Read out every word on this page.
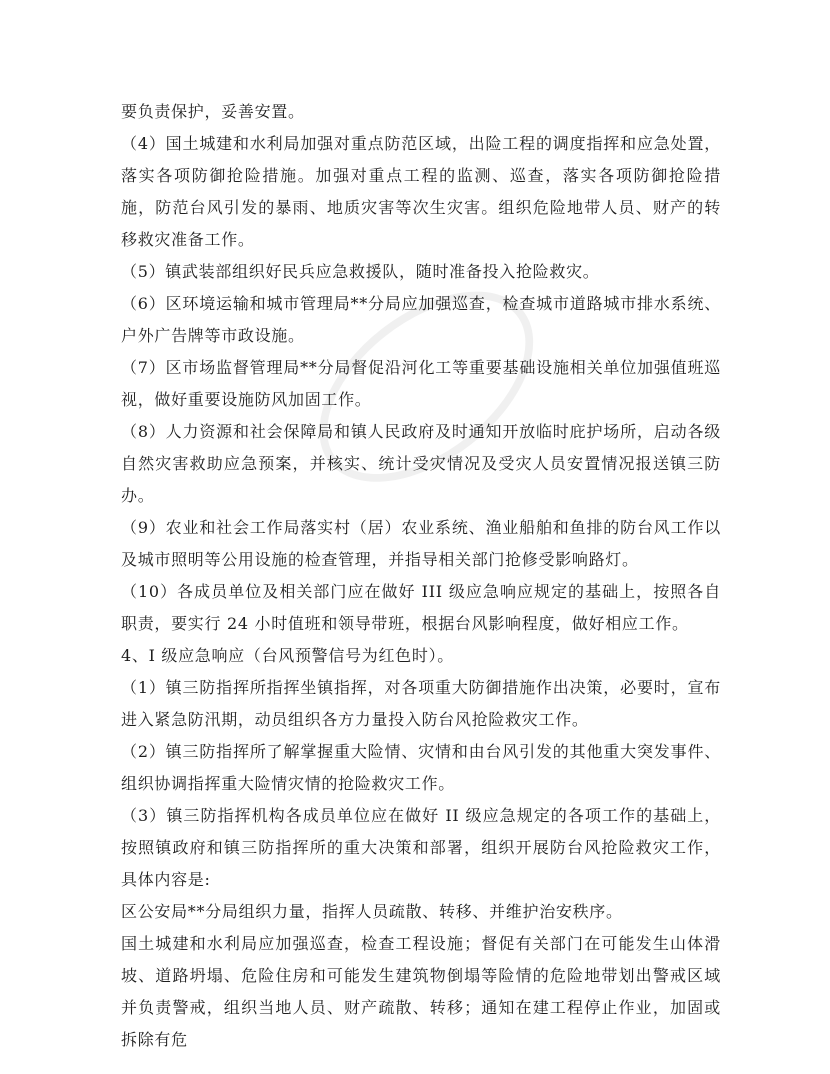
要负责保护，妥善安置。

（4）国土城建和水利局加强对重点防范区域，出险工程的调度指挥和应急处置，落实各项防御抢险措施。加强对重点工程的监测、巡查，落实各项防御抢险措施，防范台风引发的暴雨、地质灾害等次生灾害。组织危险地带人员、财产的转移救灾准备工作。

（5）镇武装部组织好民兵应急救援队，随时准备投入抢险救灾。

（6）区环境运输和城市管理局**分局应加强巡查，检查城市道路城市排水系统、户外广告牌等市政设施。

（7）区市场监督管理局**分局督促沿河化工等重要基础设施相关单位加强值班巡视，做好重要设施防风加固工作。

（8）人力资源和社会保障局和镇人民政府及时通知开放临时庇护场所，启动各级自然灾害救助应急预案，并核实、统计受灾情况及受灾人员安置情况报送镇三防办。

（9）农业和社会工作局落实村（居）农业系统、渔业船舶和鱼排的防台风工作以及城市照明等公用设施的检查管理，并指导相关部门抢修受影响路灯。

（10）各成员单位及相关部门应在做好 III 级应急响应规定的基础上，按照各自职责，要实行 24 小时值班和领导带班，根据台风影响程度，做好相应工作。

4、I 级应急响应（台风预警信号为红色时）。

（1）镇三防指挥所指挥坐镇指挥，对各项重大防御措施作出决策，必要时，宣布进入紧急防汛期，动员组织各方力量投入防台风抢险救灾工作。

（2）镇三防指挥所了解掌握重大险情、灾情和由台风引发的其他重大突发事件、组织协调指挥重大险情灾情的抢险救灾工作。

（3）镇三防指挥机构各成员单位应在做好 II 级应急规定的各项工作的基础上，按照镇政府和镇三防指挥所的重大决策和部署，组织开展防台风抢险救灾工作，具体内容是:

区公安局**分局组织力量，指挥人员疏散、转移、并维护治安秩序。

国土城建和水利局应加强巡查，检查工程设施；督促有关部门在可能发生山体滑坡、道路坍塌、危险住房和可能发生建筑物倒塌等险情的危险地带划出警戒区域并负责警戒，组织当地人员、财产疏散、转移；通知在建工程停止作业，加固或拆除有危
